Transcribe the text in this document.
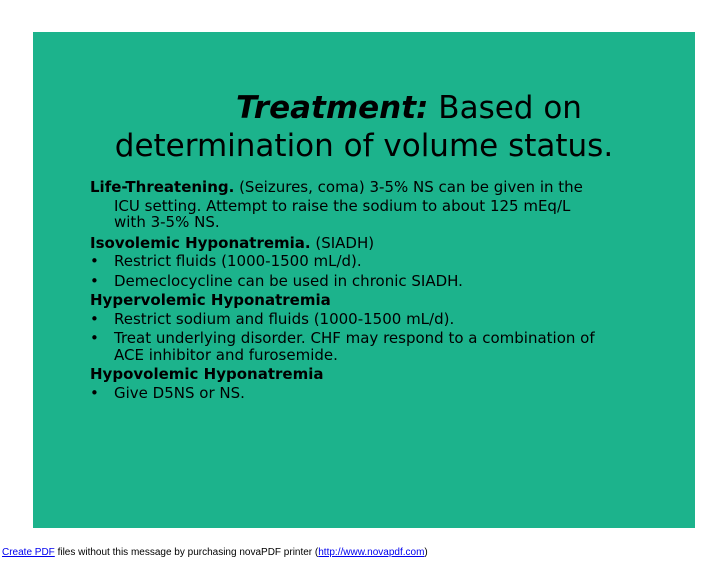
Treatment: Based on
determination of volume status.
Life-Threatening. (Seizures, coma) 3-5% NS can be given in the
ICU setting. Attempt to raise the sodium to about 125 mEq/L
with 3-5% NS.
Isovolemic Hyponatremia. (SIADH)
•	Restrict fluids (1000-1500 mL/d).
•	Demeclocycline can be used in chronic SIADH.
Hypervolemic Hyponatremia
•	Restrict sodium and fluids (1000-1500 mL/d).
•	Treat underlying disorder. CHF may respond to a combination of
ACE inhibitor and furosemide.
Hypovolemic Hyponatremia
•	Give D5NS or NS.
Create PDF files without this message by purchasing novaPDF printer (http://www.novapdf.com)
